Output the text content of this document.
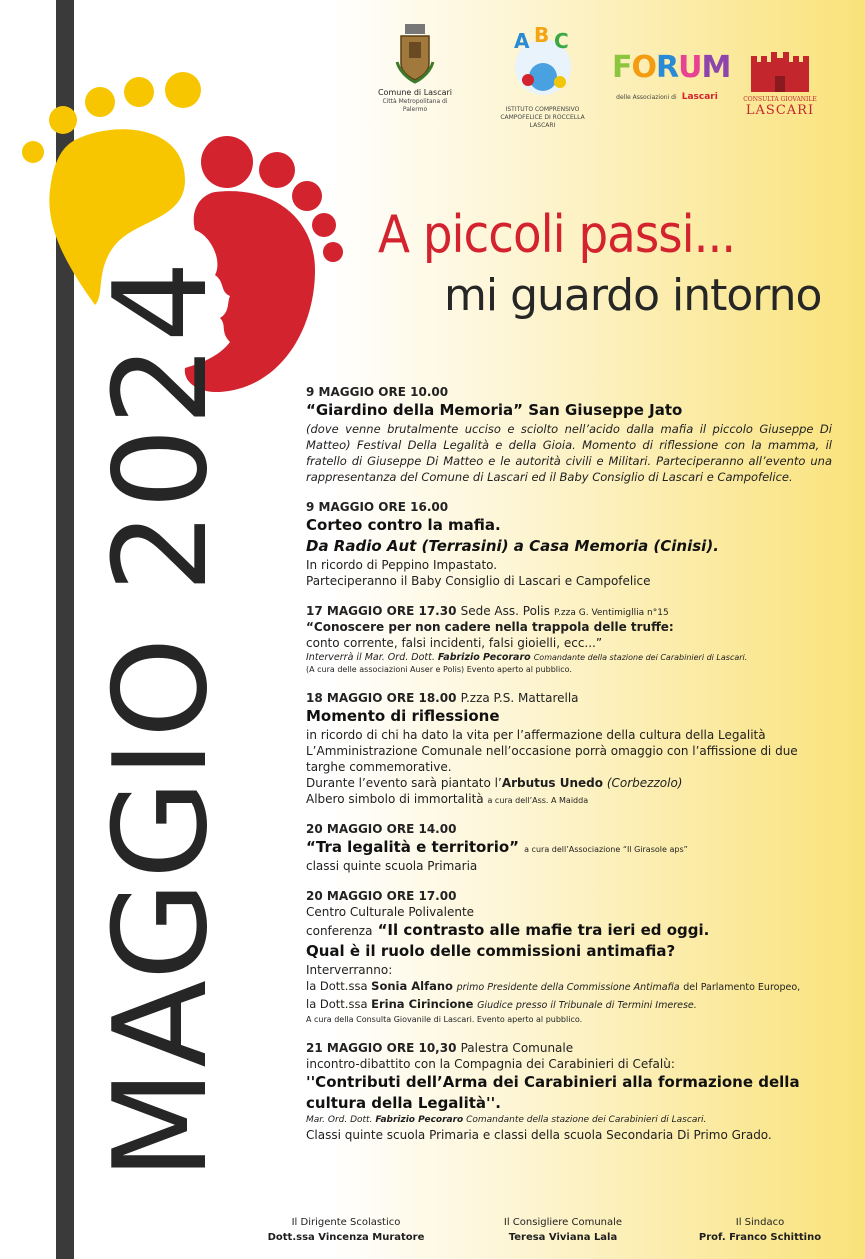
Comune di Lascari
Città Metropolitana di Palermo
A B C
ISTITUTO COMPRENSIVO
CAMPOFELICE DI ROCCELLA
LASCARI
FORUM
delle Associazioni di Lascari	CONSULTA GIOVANILE
LASCARI
A piccoli passi...
mi guardo intorno
MAGGIO 2024	9 MAGGIO ORE 10.00
“Giardino della Memoria” San Giuseppe Jato
(dove venne brutalmente ucciso e sciolto nell’acido dalla mafia il piccolo Giuseppe Di Matteo) Festival Della Legalità e della Gioia. Momento di riflessione con la mamma, il fratello di Giuseppe Di Matteo e le autorità civili e Militari. Parteciperanno all’evento una rappresentanza del Comune di Lascari ed il Baby Consiglio di Lascari e Campofelice.
9 MAGGIO ORE 16.00
Corteo contro la mafia.
Da Radio Aut (Terrasini) a Casa Memoria (Cinisi).
In ricordo di Peppino Impastato.
Parteciperanno il Baby Consiglio di Lascari e Campofelice
17 MAGGIO ORE 17.30 Sede Ass. Polis P.zza G. Ventimigllia n°15
“Conoscere per non cadere nella trappola delle truffe:
conto corrente, falsi incidenti, falsi gioielli, ecc...”
Interverrà il Mar. Ord. Dott. Fabrizio Pecoraro Comandante della stazione dei Carabinieri di Lascari.
(A cura delle associazioni Auser e Polis) Evento aperto al pubblico.
18 MAGGIO ORE 18.00 P.zza P.S. Mattarella
Momento di riflessione
in ricordo di chi ha dato la vita per l’affermazione della cultura della Legalità
L’Amministrazione Comunale nell’occasione porrà omaggio con l’affissione di due targhe commemorative.
Durante l’evento sarà piantato l’Arbutus Unedo (Corbezzolo)
Albero simbolo di immortalità a cura dell’Ass. A Maidda
20 MAGGIO ORE 14.00
“Tra legalità e territorio” a cura dell’Associazione “Il Girasole aps”
classi quinte scuola Primaria
20 MAGGIO ORE 17.00
Centro Culturale Polivalente
conferenza “Il contrasto alle mafie tra ieri ed oggi.
Qual è il ruolo delle commissioni antimafia?
Interverranno:
la Dott.ssa Sonia Alfano primo Presidente della Commissione Antimafia del Parlamento Europeo,
la Dott.ssa Erina Cirincione Giudice presso il Tribunale di Termini Imerese.
A cura della Consulta Giovanile di Lascari. Evento aperto al pubblico.
21 MAGGIO ORE 10,30 Palestra Comunale
incontro-dibattito con la Compagnia dei Carabinieri di Cefalù:
''Contributi dell’Arma dei Carabinieri alla formazione della
cultura della Legalità''.
Mar. Ord. Dott. Fabrizio Pecoraro Comandante della stazione dei Carabinieri di Lascari.
Classi quinte scuola Primaria e classi della scuola Secondaria Di Primo Grado.
Il Dirigente Scolastico
Dott.ssa Vincenza Muratore
Il Consigliere Comunale
Teresa Viviana Lala
Il Sindaco
Prof. Franco Schittino
